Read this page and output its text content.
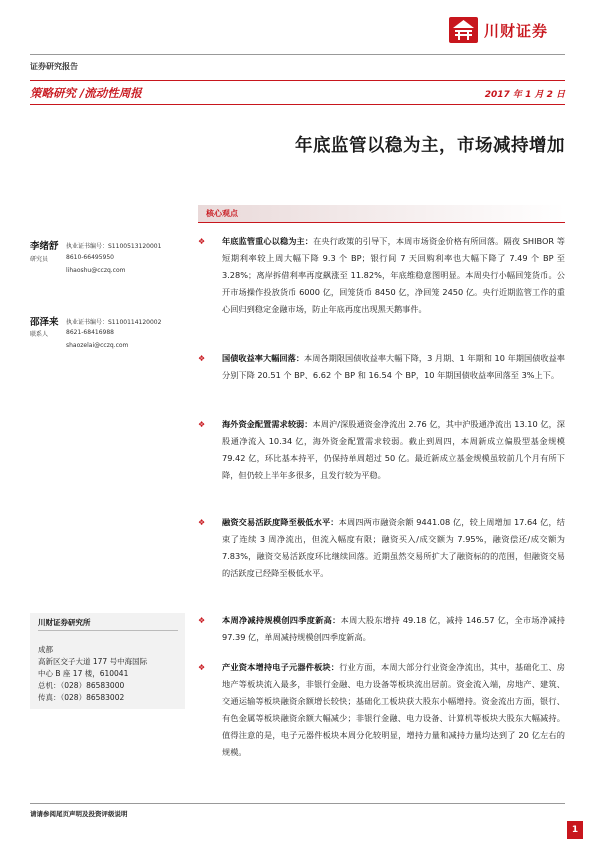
川财证券
证券研究报告
策略研究 /流动性周报	2017 年 1 月 2 日
年底监管以稳为主，市场减持增加
核心观点
李绪舒 执业证书编号：S1100513120001
研究员	8610-66495950
lihaoshu@cczq.com
邵泽来 执业证书编号：S1100114120002
联系人	8621-68416988
shaozelai@cczq.com
川财证券研究所
成都
高新区交子大道 177 号中海国际
中心 B 座 17 楼，610041
总机：（028）86583000
传真：（028）86583002
❖ 年底监管重心以稳为主：在央行政策的引导下，本周市场资金价格有所回落。隔夜 SHIBOR 等短期利率较上周大幅下降 9.3 个 BP；银行间 7 天回购利率也大幅下降了 7.49 个 BP 至 3.28%；离岸拆借利率再度飙涨至 11.82%，年底维稳意图明显。本周央行小幅回笼货币。公开市场操作投放货币 6000 亿，回笼货币 8450 亿，净回笼 2450 亿。央行近期监管工作的重心回归到稳定金融市场，防止年底再度出现黑天鹅事件。
❖ 国债收益率大幅回落：本周各期限国债收益率大幅下降，3 月期、1 年期和 10 年期国债收益率分别下降 20.51 个 BP、6.62 个 BP 和 16.54 个 BP，10 年期国债收益率回落至 3%上下。
❖ 海外资金配置需求较弱：本周沪/深股通资金净流出 2.76 亿，其中沪股通净流出 13.10 亿，深股通净流入 10.34 亿，海外资金配置需求较弱。截止到周四，本周新成立偏股型基金规模 79.42 亿，环比基本持平，仍保持单周超过 50 亿。最近新成立基金规模虽较前几个月有所下降，但仍较上半年多很多，且发行较为平稳。
❖ 融资交易活跃度降至极低水平：本周四两市融资余额 9441.08 亿，较上周增加 17.64 亿，结束了连续 3 周净流出，但流入幅度有限；融资买入/成交额为 7.95%，融资偿还/成交额为 7.83%，融资交易活跃度环比继续回落。近期虽然交易所扩大了融资标的的范围，但融资交易的活跃度已经降至极低水平。
❖ 本周净减持规模创四季度新高：本周大股东增持 49.18 亿，减持 146.57 亿，全市场净减持 97.39 亿，单周减持规模创四季度新高。
❖ 产业资本增持电子元器件板块：行业方面，本周大部分行业资金净流出，其中，基础化工、房地产等板块流入最多，非银行金融、电力设备等板块流出居前。资金流入端，房地产、建筑、交通运输等板块融资余额增长较快；基础化工板块获大股东小幅增持。资金流出方面，银行、有色金属等板块融资余额大幅减少；非银行金融、电力设备、计算机等板块大股东大幅减持。值得注意的是，电子元器件板块本周分化较明显，增持力量和减持力量均达到了 20 亿左右的规模。
请请参阅尾页声明及投资评级说明
1
